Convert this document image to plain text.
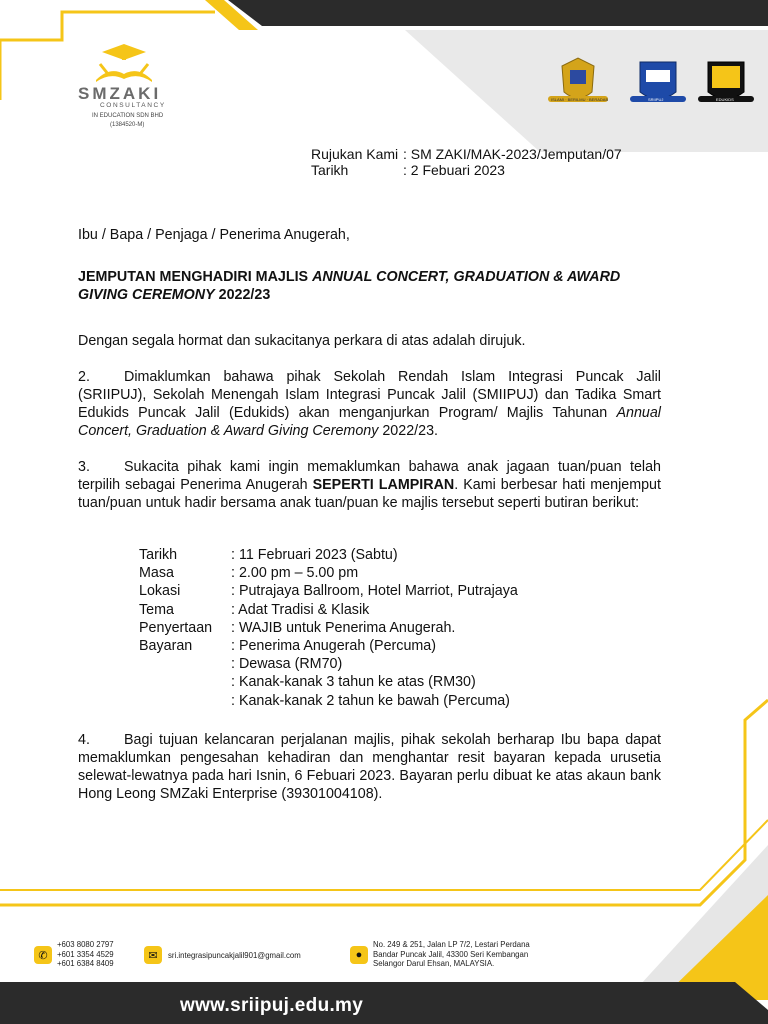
SMZAKI
CONSULTANCY
IN EDUCATION SDN BHD
(1384520-M)
ISLAMI · BERILMU · BERADAB	SRIIPUJ	EDUKIDS
Rujukan Kami : SM ZAKI/MAK-2023/Jemputan/07
Tarikh	: 2 Febuari 2023
Ibu / Bapa / Penjaga / Penerima Anugerah,
JEMPUTAN MENGHADIRI MAJLIS ANNUAL CONCERT, GRADUATION & AWARD GIVING CEREMONY 2022/23
Dengan segala hormat dan sukacitanya perkara di atas adalah dirujuk.
2. Dimaklumkan bahawa pihak Sekolah Rendah Islam Integrasi Puncak Jalil (SRIIPUJ), Sekolah Menengah Islam Integrasi Puncak Jalil (SMIIPUJ) dan Tadika Smart Edukids Puncak Jalil (Edukids) akan menganjurkan Program/ Majlis Tahunan Annual Concert, Graduation & Award Giving Ceremony 2022/23.
3. Sukacita pihak kami ingin memaklumkan bahawa anak jagaan tuan/puan telah terpilih sebagai Penerima Anugerah SEPERTI LAMPIRAN. Kami berbesar hati menjemput tuan/puan untuk hadir bersama anak tuan/puan ke majlis tersebut seperti butiran berikut:
Tarikh	: 11 Februari 2023 (Sabtu)
Masa	: 2.00 pm – 5.00 pm
Lokasi	: Putrajaya Ballroom, Hotel Marriot, Putrajaya
Tema	: Adat Tradisi & Klasik
Penyertaan	: WAJIB untuk Penerima Anugerah.
Bayaran	: Penerima Anugerah (Percuma)
: Dewasa (RM70)
: Kanak-kanak 3 tahun ke atas (RM30)
: Kanak-kanak 2 tahun ke bawah (Percuma)
4. Bagi tujuan kelancaran perjalanan majlis, pihak sekolah berharap Ibu bapa dapat memaklumkan pengesahan kehadiran dan menghantar resit bayaran kepada urusetia selewat-lewatnya pada hari Isnin, 6 Febuari 2023. Bayaran perlu dibuat ke atas akaun bank Hong Leong SMZaki Enterprise (39301004108).
✆
+603 8080 2797
+601 3354 4529
+601 6384 8409
✉	sri.integrasipuncakjalil901@gmail.com	●
No. 249 & 251, Jalan LP 7/2, Lestari Perdana
Bandar Puncak Jalil, 43300 Seri Kembangan
Selangor Darul Ehsan, MALAYSIA.
www.sriipuj.edu.my
